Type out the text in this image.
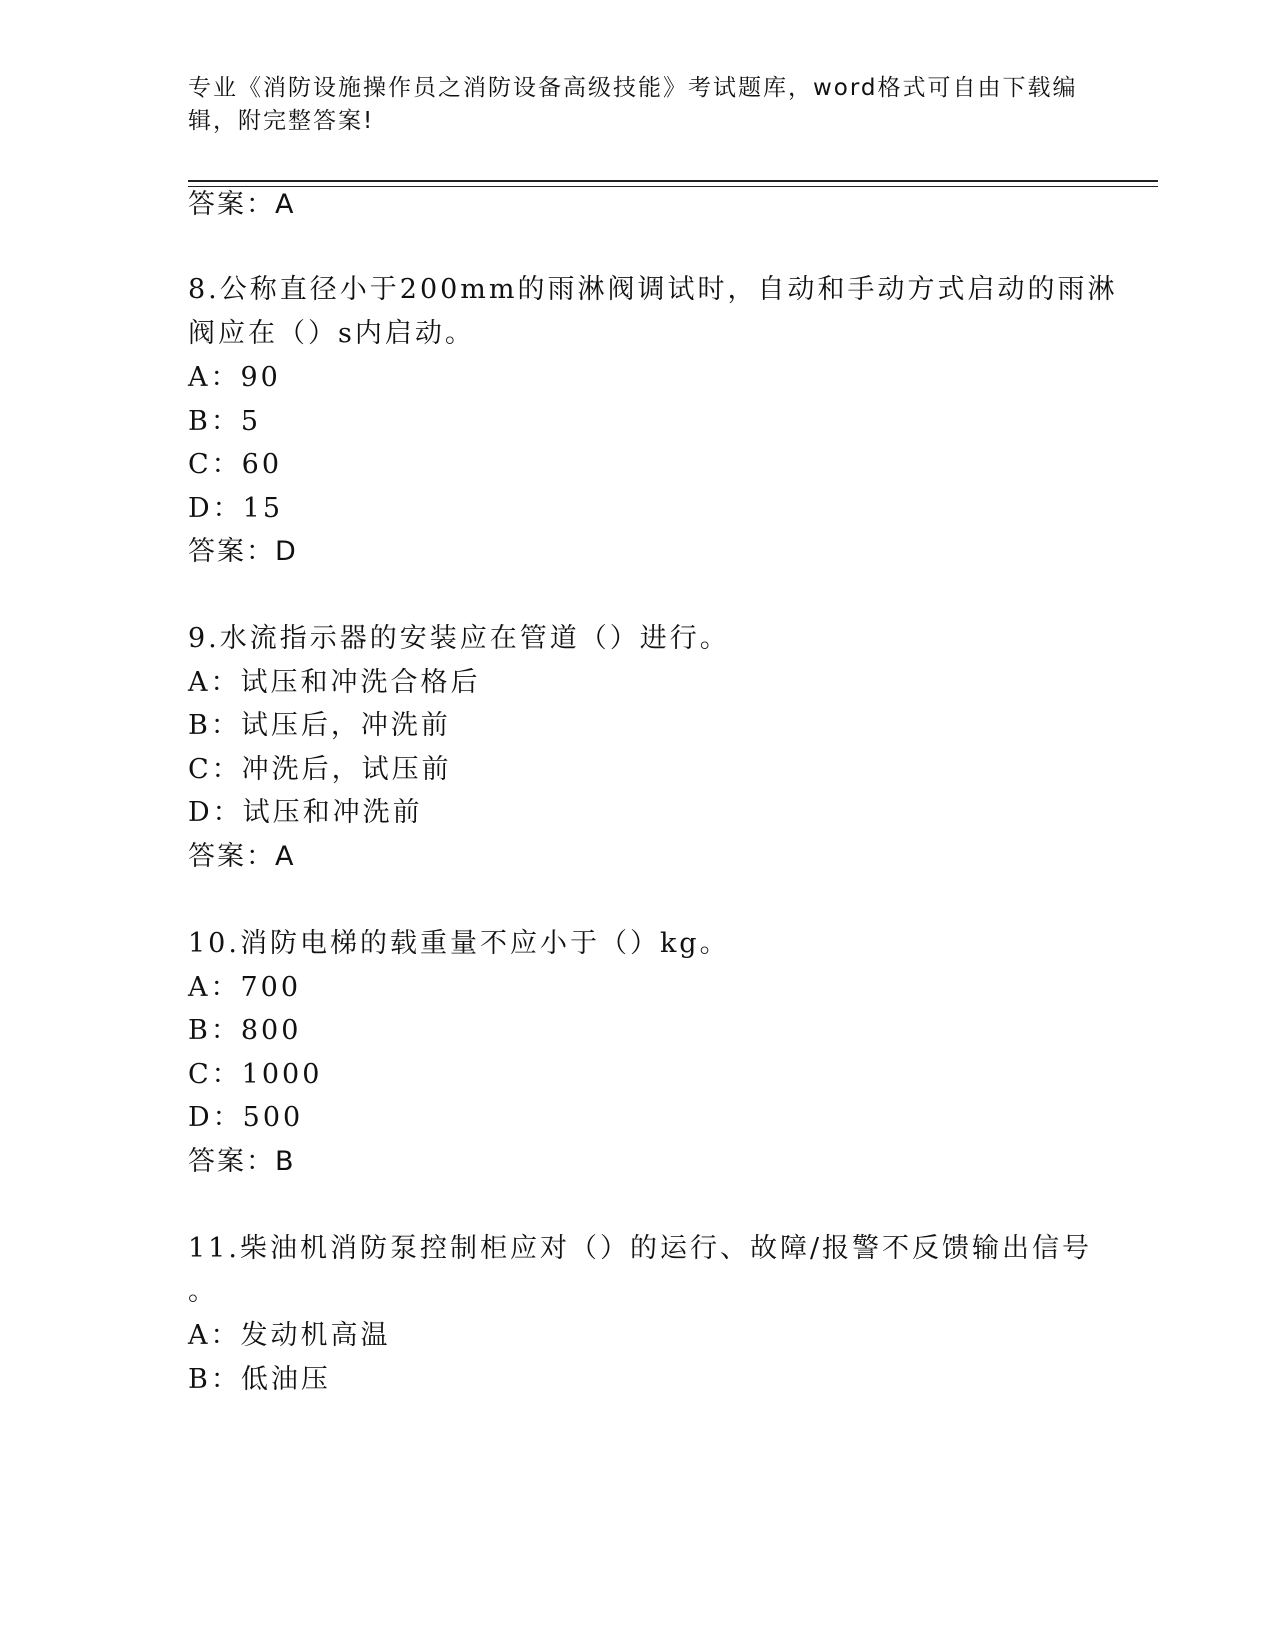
专业《消防设施操作员之消防设备高级技能》考试题库，word格式可自由下载编
辑，附完整答案!
答案：A
8.公称直径小于200mm的雨淋阀调试时，自动和手动方式启动的雨淋
阀应在（）s内启动。
A：90
B：5
C：60
D：15
答案：D
9.水流指示器的安装应在管道（）进行。
A：试压和冲洗合格后
B：试压后，冲洗前
C：冲洗后，试压前
D：试压和冲洗前
答案：A
10.消防电梯的载重量不应小于（）kg。
A：700
B：800
C：1000
D：500
答案：B
11.柴油机消防泵控制柜应对（）的运行、故障/报警不反馈输出信号
。
A：发动机高温
B：低油压
